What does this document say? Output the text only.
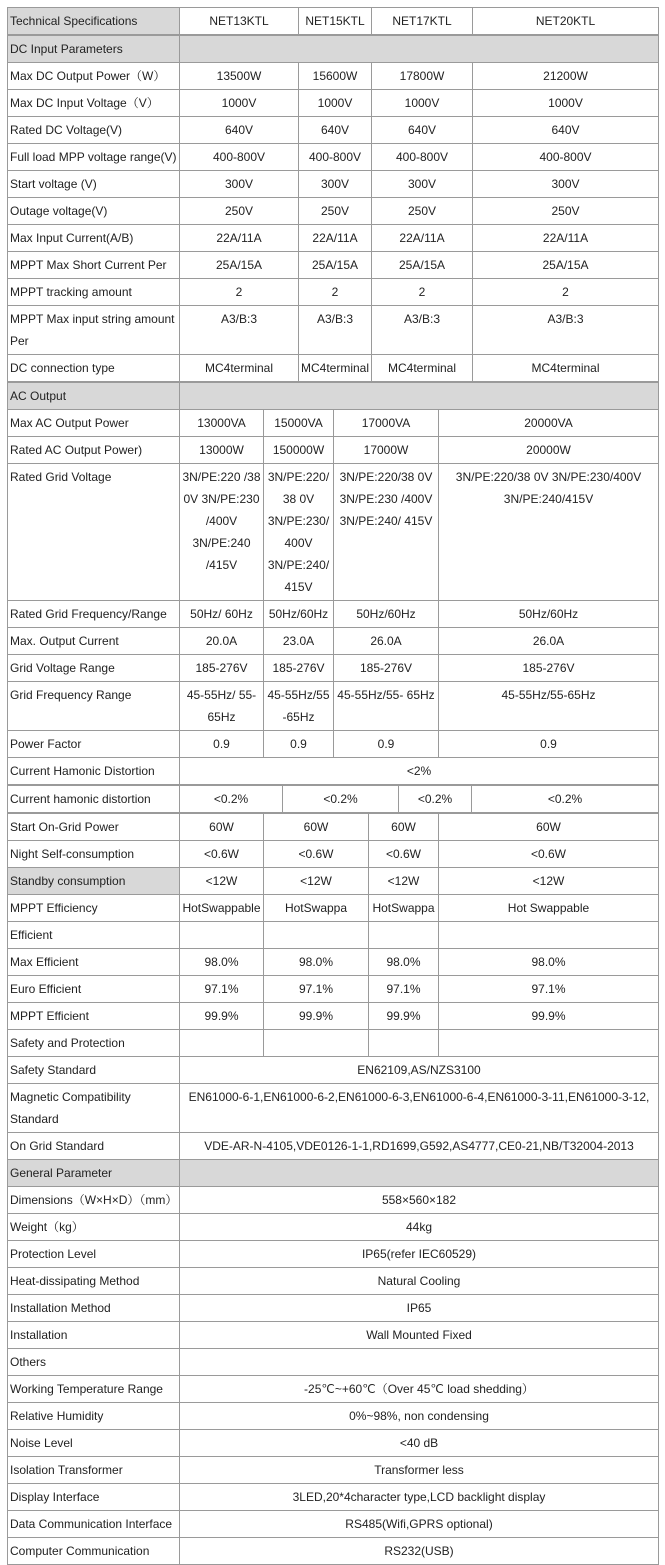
Technical Specifications	NET13KTL	NET15KTL	NET17KTL	NET20KTL
DC Input Parameters				
Max DC Output Power（W）	13500W	15600W	17800W	21200W
Max DC Input Voltage（V）	1000V	1000V	1000V	1000V
Rated DC Voltage(V)	640V	640V	640V	640V
Full load MPP voltage range(V)	400-800V	400-800V	400-800V	400-800V
Start voltage (V)	300V	300V	300V	300V
Outage voltage(V)	250V	250V	250V	250V
Max Input Current(A/B)	22A/11A	22A/11A	22A/11A	22A/11A
MPPT Max Short Current Per	25A/15A	25A/15A	25A/15A	25A/15A
MPPT tracking amount	2	2	2	2
MPPT Max input string amount Per	A3/B:3	A3/B:3	A3/B:3	A3/B:3
DC connection type	MC4terminal	MC4terminal	MC4terminal	MC4terminal
AC Output				
Max AC Output Power	13000VA	15000VA	17000VA	20000VA
Rated AC Output Power)	13000W	150000W	17000W	20000W
Rated Grid Voltage	3N/PE:220 /38 0V 3N/PE:230 /400V 3N/PE:240 /415V	3N/PE:220/ 38 0V 3N/PE:230/ 400V 3N/PE:240/ 415V	3N/PE:220/38 0V 3N/PE:230 /400V 3N/PE:240/ 415V	3N/PE:220/38 0V 3N/PE:230/400V 3N/PE:240/415V
Rated Grid Frequency/Range	50Hz/ 60Hz	50Hz/60Hz	50Hz/60Hz	50Hz/60Hz
Max. Output Current	20.0A	23.0A	26.0A	26.0A
Grid Voltage Range	185-276V	185-276V	185-276V	185-276V
Grid Frequency Range	45-55Hz/ 55-65Hz	45-55Hz/55 -65Hz	45-55Hz/55- 65Hz	45-55Hz/55-65Hz
Power Factor	0.9	0.9	0.9	0.9
Current Hamonic Distortion	<2%			
Current hamonic distortion	<0.2%	<0.2%	<0.2%	<0.2%
Start On-Grid Power	60W	60W	60W	60W
Night Self-consumption	<0.6W	<0.6W	<0.6W	<0.6W
Standby consumption	<12W	<12W	<12W	<12W
MPPT Efficiency	HotSwappable	HotSwappa	HotSwappa	Hot Swappable
Efficient				
Max Efficient	98.0%	98.0%	98.0%	98.0%
Euro Efficient	97.1%	97.1%	97.1%	97.1%
MPPT Efficient	99.9%	99.9%	99.9%	99.9%
Safety and Protection				
Safety Standard	EN62109,AS/NZS3100			
Magnetic Compatibility Standard	EN61000-6-1,EN61000-6-2,EN61000-6-3,EN61000-6-4,EN61000-3-11,EN61000-3-12,			
On Grid Standard	VDE-AR-N-4105,VDE0126-1-1,RD1699,G592,AS4777,CE0-21,NB/T32004-2013			
General Parameter				
Dimensions（W×H×D）（mm）	558×560×182			
Weight（kg）	44kg			
Protection Level	IP65(refer IEC60529)			
Heat-dissipating Method	Natural Cooling			
Installation Method	IP65			
Installation	Wall Mounted Fixed			
Others				
Working Temperature Range	-25℃~+60℃（Over 45℃ load shedding）			
Relative Humidity	0%~98%, non condensing			
Noise Level	<40 dB			
Isolation Transformer	Transformer less			
Display Interface	3LED,20*4character type,LCD backlight display			
Data Communication Interface	RS485(Wifi,GPRS optional)			
Computer Communication	RS232(USB)			
